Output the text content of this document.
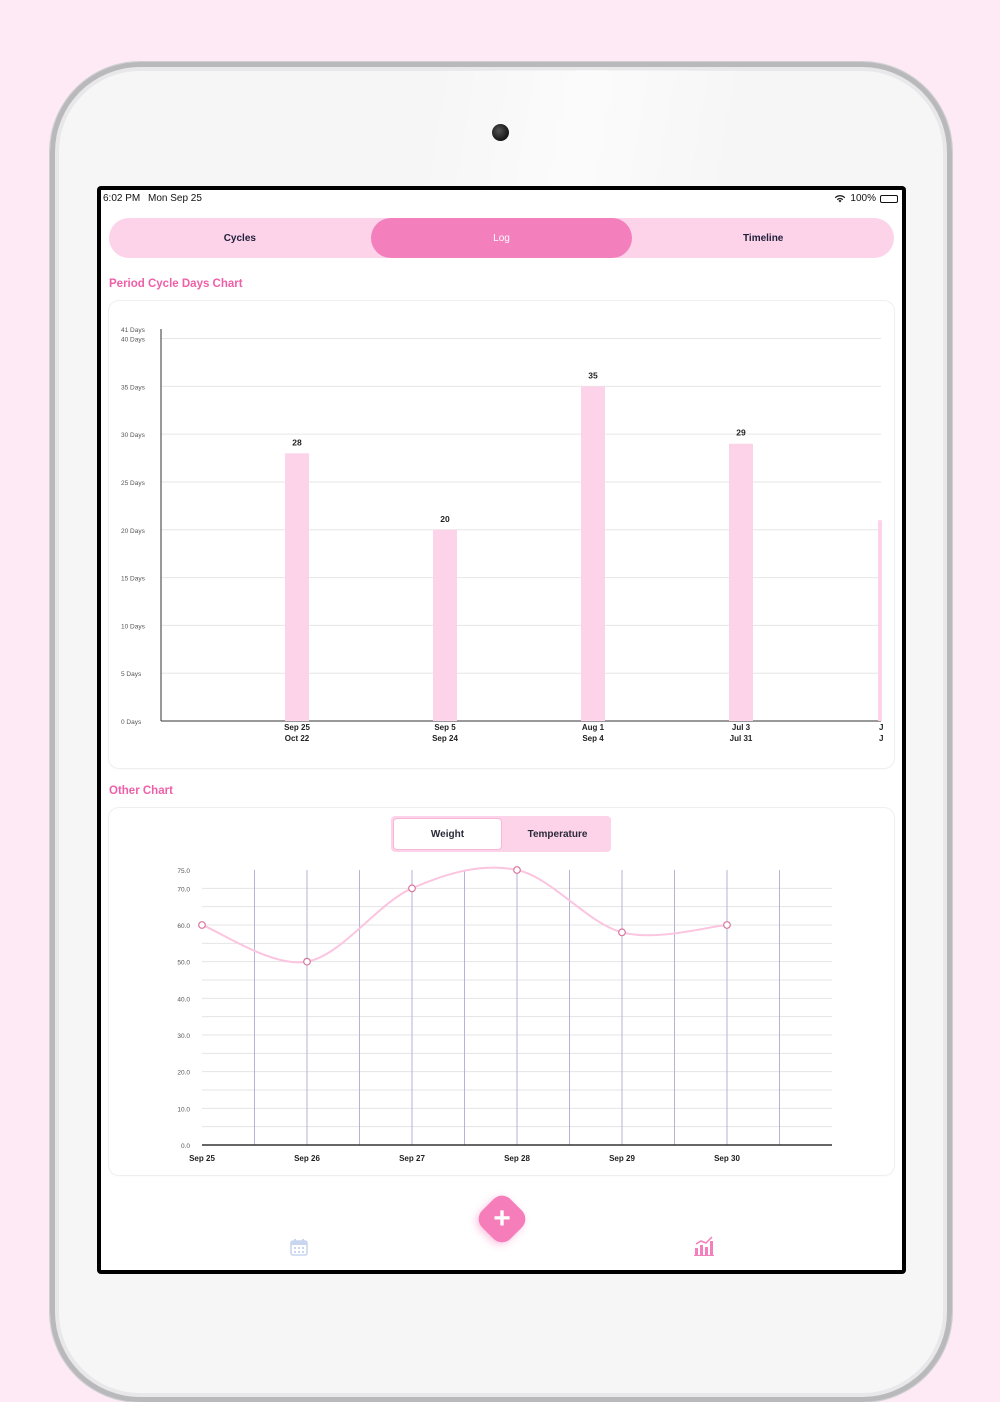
6:02 PM Mon Sep 25	100%
Cycles	Log	Timeline
Period Cycle Days Chart
0 Days
5 Days
10 Days
15 Days
20 Days
25 Days
30 Days
35 Days
40 Days
41 Days
28
Sep 25
Oct 22
20
Sep 5
Sep 24
35
Aug 1
Sep 4
29
Jul 3
Jul 31
J
J
Other Chart
0.0
10.0
20.0
30.0
40.0
50.0
60.0
70.0
75.0
Sep 25	Sep 26	Sep 27	Sep 28	Sep 29	Sep 30
Weight	Temperature
+
